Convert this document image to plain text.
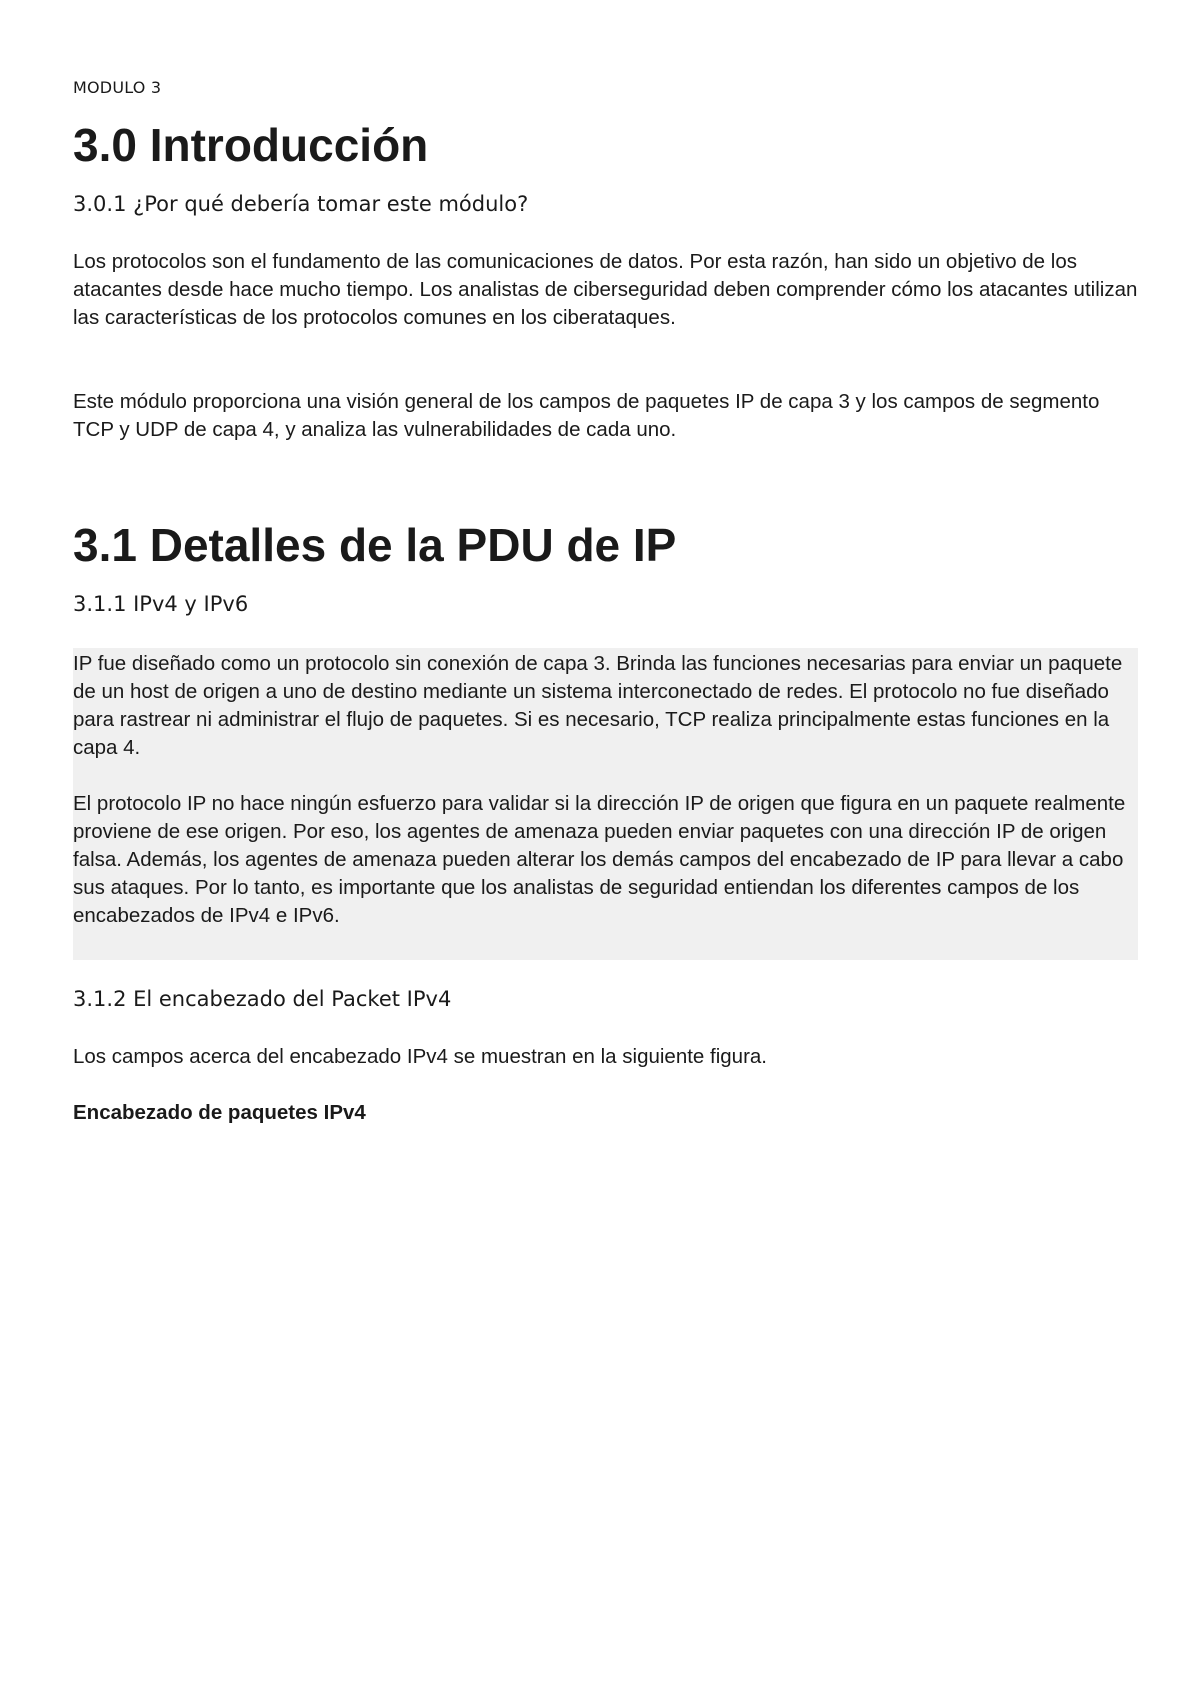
MODULO 3
3.0 Introducción
3.0.1 ¿Por qué debería tomar este módulo?

Los protocolos son el fundamento de las comunicaciones de datos. Por esta razón, han sido un objetivo de los atacantes desde hace mucho tiempo. Los analistas de ciberseguridad deben comprender cómo los atacantes utilizan las características de los protocolos comunes en los ciberataques.

Este módulo proporciona una visión general de los campos de paquetes IP de capa 3 y los campos de segmento TCP y UDP de capa 4, y analiza las vulnerabilidades de cada uno.

3.1 Detalles de la PDU de IP
3.1.1 IPv4 y IPv6

IP fue diseñado como un protocolo sin conexión de capa 3. Brinda las funciones necesarias para enviar un paquete de un host de origen a uno de destino mediante un sistema interconectado de redes. El protocolo no fue diseñado para rastrear ni administrar el flujo de paquetes. Si es necesario, TCP realiza principalmente estas funciones en la capa 4.

El protocolo IP no hace ningún esfuerzo para validar si la dirección IP de origen que figura en un paquete realmente proviene de ese origen. Por eso, los agentes de amenaza pueden enviar paquetes con una dirección IP de origen falsa. Además, los agentes de amenaza pueden alterar los demás campos del encabezado de IP para llevar a cabo sus ataques. Por lo tanto, es importante que los analistas de seguridad entiendan los diferentes campos de los encabezados de IPv4 e IPv6.

3.1.2 El encabezado del Packet IPv4

Los campos acerca del encabezado IPv4 se muestran en la siguiente figura.

Encabezado de paquetes IPv4
